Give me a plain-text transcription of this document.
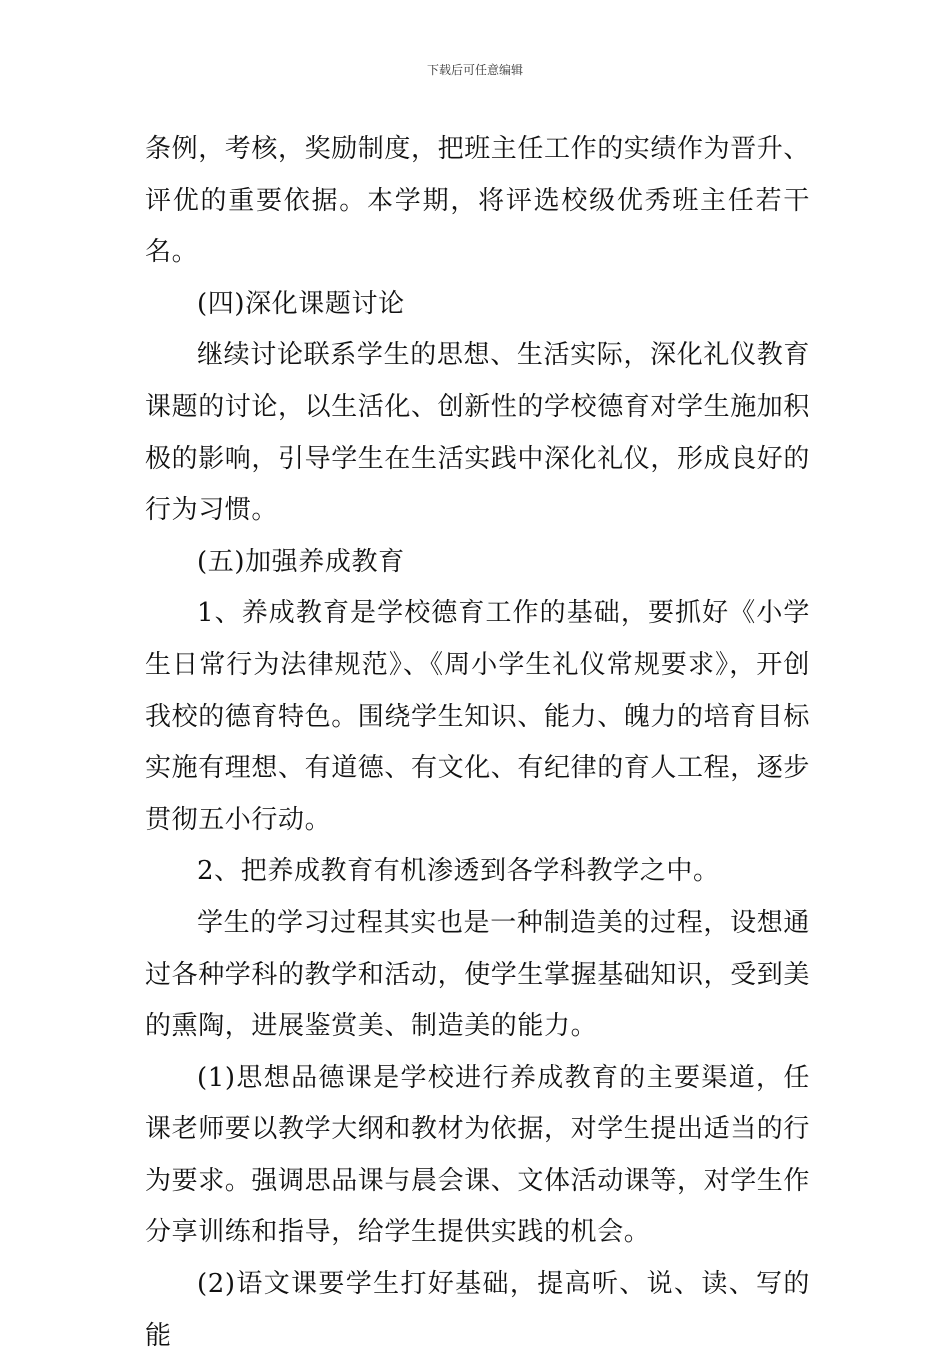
下载后可任意编辑

条例，考核，奖励制度，把班主任工作的实绩作为晋升、评优的重要依据。本学期，将评选校级优秀班主任若干名。

(四)深化课题讨论

继续讨论联系学生的思想、生活实际，深化礼仪教育课题的讨论，以生活化、创新性的学校德育对学生施加积极的影响，引导学生在生活实践中深化礼仪，形成良好的行为习惯。

(五)加强养成教育

1、养成教育是学校德育工作的基础，要抓好《小学生日常行为法律规范》、《周小学生礼仪常规要求》，开创我校的德育特色。围绕学生知识、能力、魄力的培育目标实施有理想、有道德、有文化、有纪律的育人工程，逐步贯彻五小行动。

2、把养成教育有机渗透到各学科教学之中。

学生的学习过程其实也是一种制造美的过程，设想通过各种学科的教学和活动，使学生掌握基础知识，受到美的熏陶，进展鉴赏美、制造美的能力。

(1)思想品德课是学校进行养成教育的主要渠道，任课老师要以教学大纲和教材为依据，对学生提出适当的行为要求。强调思品课与晨会课、文体活动课等，对学生作分享训练和指导，给学生提供实践的机会。

(2)语文课要学生打好基础，提高听、说、读、写的能
